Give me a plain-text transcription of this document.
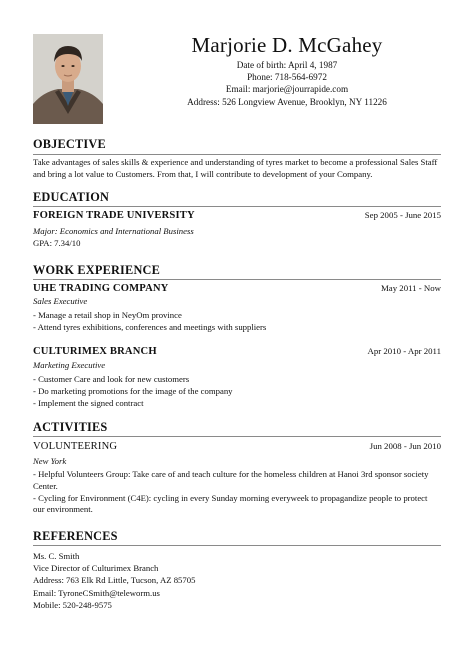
Marjorie D. McGahey
Date of birth: April 4, 1987
Phone: 718-564-6972
Email: marjorie@jourrapide.com
Address: 526 Longview Avenue, Brooklyn, NY 11226
OBJECTIVE
Take advantages of sales skills & experience and understanding of tyres market to become a professional Sales Staff and bring a lot value to Customers. From that, I will contribute to development of your Company.
EDUCATION
FOREIGN TRADE UNIVERSITY	Sep 2005 - June 2015
Major: Economics and International Business
GPA: 7.34/10
WORK EXPERIENCE
UHE TRADING COMPANY	May 2011 - Now
Sales Executive
- Manage a retail shop in NeyOm province
- Attend tyres exhibitions, conferences and meetings with suppliers
CULTURIMEX BRANCH	Apr 2010 - Apr 2011
Marketing Executive
- Customer Care and look for new customers
- Do marketing promotions for the image of the company
- Implement the signed contract
ACTIVITIES
VOLUNTEERING	Jun 2008 - Jun 2010
New York
- Helpful Volunteers Group: Take care of and teach culture for the homeless children at Hanoi 3rd sponsor society Center.
- Cycling for Environment (C4E): cycling in every Sunday morning everyweek to propagandize people to protect our environment.
REFERENCES
Ms. C. Smith
Vice Director of Culturimex Branch
Address: 763 Elk Rd Little, Tucson, AZ 85705
Email: TyroneCSmith@teleworm.us
Mobile: 520-248-9575
